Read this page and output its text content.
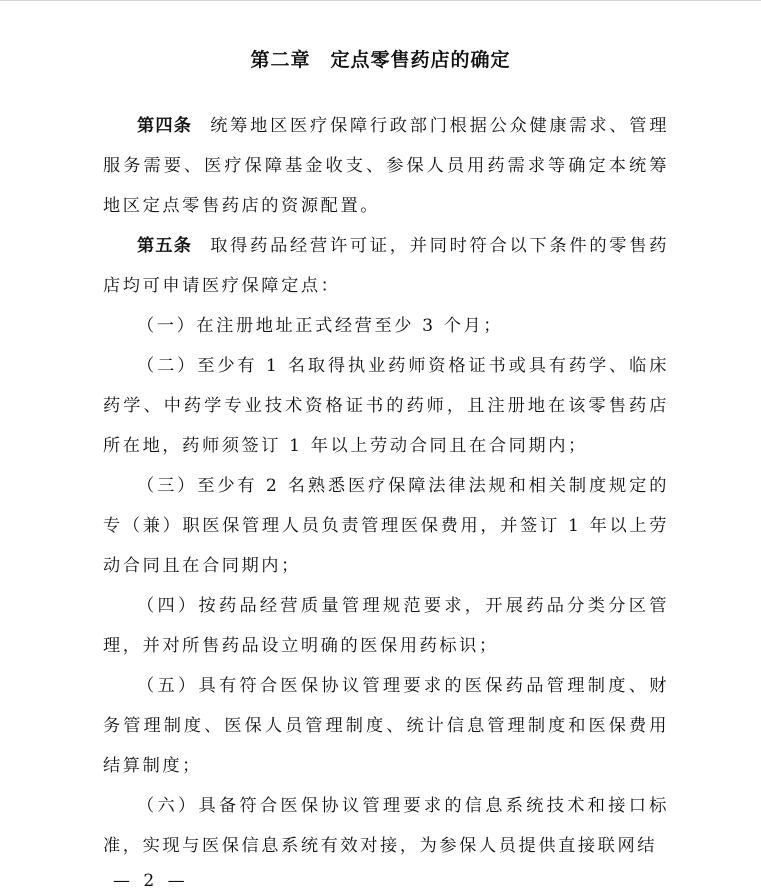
第二章　定点零售药店的确定

第四条 统筹地区医疗保障行政部门根据公众健康需求、管理服务需要、医疗保障基金收支、参保人员用药需求等确定本统筹地区定点零售药店的资源配置。

第五条 取得药品经营许可证，并同时符合以下条件的零售药店均可申请医疗保障定点：

（一）在注册地址正式经营至少 3 个月；

（二）至少有 1 名取得执业药师资格证书或具有药学、临床药学、中药学专业技术资格证书的药师，且注册地在该零售药店所在地，药师须签订 1 年以上劳动合同且在合同期内；

（三）至少有 2 名熟悉医疗保障法律法规和相关制度规定的专（兼）职医保管理人员负责管理医保费用，并签订 1 年以上劳动合同且在合同期内；

（四）按药品经营质量管理规范要求，开展药品分类分区管理，并对所售药品设立明确的医保用药标识；

（五）具有符合医保协议管理要求的医保药品管理制度、财务管理制度、医保人员管理制度、统计信息管理制度和医保费用结算制度；

（六）具备符合医保协议管理要求的信息系统技术和接口标准，实现与医保信息系统有效对接，为参保人员提供直接联网结

— 2 —
